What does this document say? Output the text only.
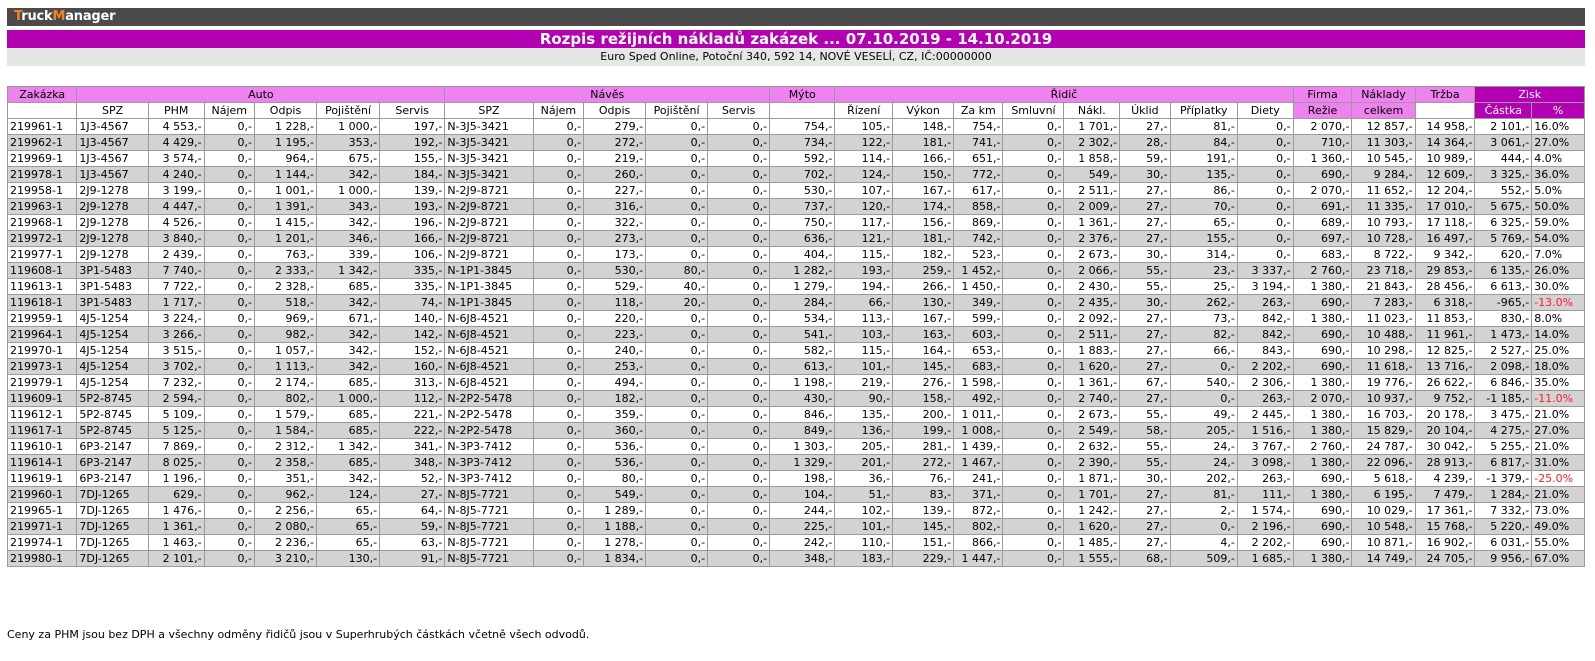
TruckManager
Rozpis režijních nákladů zakázek ... 07.10.2019 - 14.10.2019
Euro Sped Online, Potoční 340, 592 14, NOVÉ VESELÍ, CZ, IČ:00000000
Zakázka	Auto						Návěs					Mýto	Řidič								Firma	Náklady	Tržba	Zisk	
	SPZ	PHM	Nájem	Odpis	Pojištění	Servis	SPZ	Nájem	Odpis	Pojištění	Servis		Řízení	Výkon	Za km	Smluvní	Nákl.	Úklid	Příplatky	Diety	Režie	celkem		Částka	%
219961-1	1J3-4567	4 553,-	0,-	1 228,-	1 000,-	197,-	N-3J5-3421	0,-	279,-	0,-	0,-	754,-	105,-	148,-	754,-	0,-	1 701,-	27,-	81,-	0,-	2 070,-	12 857,-	14 958,-	2 101,-	16.0%
219962-1	1J3-4567	4 429,-	0,-	1 195,-	353,-	192,-	N-3J5-3421	0,-	272,-	0,-	0,-	734,-	122,-	181,-	741,-	0,-	2 302,-	28,-	84,-	0,-	710,-	11 303,-	14 364,-	3 061,-	27.0%
219969-1	1J3-4567	3 574,-	0,-	964,-	675,-	155,-	N-3J5-3421	0,-	219,-	0,-	0,-	592,-	114,-	166,-	651,-	0,-	1 858,-	59,-	191,-	0,-	1 360,-	10 545,-	10 989,-	444,-	4.0%
219978-1	1J3-4567	4 240,-	0,-	1 144,-	342,-	184,-	N-3J5-3421	0,-	260,-	0,-	0,-	702,-	124,-	150,-	772,-	0,-	549,-	30,-	135,-	0,-	690,-	9 284,-	12 609,-	3 325,-	36.0%
219958-1	2J9-1278	3 199,-	0,-	1 001,-	1 000,-	139,-	N-2J9-8721	0,-	227,-	0,-	0,-	530,-	107,-	167,-	617,-	0,-	2 511,-	27,-	86,-	0,-	2 070,-	11 652,-	12 204,-	552,-	5.0%
219963-1	2J9-1278	4 447,-	0,-	1 391,-	343,-	193,-	N-2J9-8721	0,-	316,-	0,-	0,-	737,-	120,-	174,-	858,-	0,-	2 009,-	27,-	70,-	0,-	691,-	11 335,-	17 010,-	5 675,-	50.0%
219968-1	2J9-1278	4 526,-	0,-	1 415,-	342,-	196,-	N-2J9-8721	0,-	322,-	0,-	0,-	750,-	117,-	156,-	869,-	0,-	1 361,-	27,-	65,-	0,-	689,-	10 793,-	17 118,-	6 325,-	59.0%
219972-1	2J9-1278	3 840,-	0,-	1 201,-	346,-	166,-	N-2J9-8721	0,-	273,-	0,-	0,-	636,-	121,-	181,-	742,-	0,-	2 376,-	27,-	155,-	0,-	697,-	10 728,-	16 497,-	5 769,-	54.0%
219977-1	2J9-1278	2 439,-	0,-	763,-	339,-	106,-	N-2J9-8721	0,-	173,-	0,-	0,-	404,-	115,-	182,-	523,-	0,-	2 673,-	30,-	314,-	0,-	683,-	8 722,-	9 342,-	620,-	7.0%
119608-1	3P1-5483	7 740,-	0,-	2 333,-	1 342,-	335,-	N-1P1-3845	0,-	530,-	80,-	0,-	1 282,-	193,-	259,-	1 452,-	0,-	2 066,-	55,-	23,-	3 337,-	2 760,-	23 718,-	29 853,-	6 135,-	26.0%
119613-1	3P1-5483	7 722,-	0,-	2 328,-	685,-	335,-	N-1P1-3845	0,-	529,-	40,-	0,-	1 279,-	194,-	266,-	1 450,-	0,-	2 430,-	55,-	25,-	3 194,-	1 380,-	21 843,-	28 456,-	6 613,-	30.0%
119618-1	3P1-5483	1 717,-	0,-	518,-	342,-	74,-	N-1P1-3845	0,-	118,-	20,-	0,-	284,-	66,-	130,-	349,-	0,-	2 435,-	30,-	262,-	263,-	690,-	7 283,-	6 318,-	-965,-	-13.0%
219959-1	4J5-1254	3 224,-	0,-	969,-	671,-	140,-	N-6J8-4521	0,-	220,-	0,-	0,-	534,-	113,-	167,-	599,-	0,-	2 092,-	27,-	73,-	842,-	1 380,-	11 023,-	11 853,-	830,-	8.0%
219964-1	4J5-1254	3 266,-	0,-	982,-	342,-	142,-	N-6J8-4521	0,-	223,-	0,-	0,-	541,-	103,-	163,-	603,-	0,-	2 511,-	27,-	82,-	842,-	690,-	10 488,-	11 961,-	1 473,-	14.0%
219970-1	4J5-1254	3 515,-	0,-	1 057,-	342,-	152,-	N-6J8-4521	0,-	240,-	0,-	0,-	582,-	115,-	164,-	653,-	0,-	1 883,-	27,-	66,-	843,-	690,-	10 298,-	12 825,-	2 527,-	25.0%
219973-1	4J5-1254	3 702,-	0,-	1 113,-	342,-	160,-	N-6J8-4521	0,-	253,-	0,-	0,-	613,-	101,-	145,-	683,-	0,-	1 620,-	27,-	0,-	2 202,-	690,-	11 618,-	13 716,-	2 098,-	18.0%
219979-1	4J5-1254	7 232,-	0,-	2 174,-	685,-	313,-	N-6J8-4521	0,-	494,-	0,-	0,-	1 198,-	219,-	276,-	1 598,-	0,-	1 361,-	67,-	540,-	2 306,-	1 380,-	19 776,-	26 622,-	6 846,-	35.0%
119609-1	5P2-8745	2 594,-	0,-	802,-	1 000,-	112,-	N-2P2-5478	0,-	182,-	0,-	0,-	430,-	90,-	158,-	492,-	0,-	2 740,-	27,-	0,-	263,-	2 070,-	10 937,-	9 752,-	-1 185,-	-11.0%
119612-1	5P2-8745	5 109,-	0,-	1 579,-	685,-	221,-	N-2P2-5478	0,-	359,-	0,-	0,-	846,-	135,-	200,-	1 011,-	0,-	2 673,-	55,-	49,-	2 445,-	1 380,-	16 703,-	20 178,-	3 475,-	21.0%
119617-1	5P2-8745	5 125,-	0,-	1 584,-	685,-	222,-	N-2P2-5478	0,-	360,-	0,-	0,-	849,-	136,-	199,-	1 008,-	0,-	2 549,-	58,-	205,-	1 516,-	1 380,-	15 829,-	20 104,-	4 275,-	27.0%
119610-1	6P3-2147	7 869,-	0,-	2 312,-	1 342,-	341,-	N-3P3-7412	0,-	536,-	0,-	0,-	1 303,-	205,-	281,-	1 439,-	0,-	2 632,-	55,-	24,-	3 767,-	2 760,-	24 787,-	30 042,-	5 255,-	21.0%
119614-1	6P3-2147	8 025,-	0,-	2 358,-	685,-	348,-	N-3P3-7412	0,-	536,-	0,-	0,-	1 329,-	201,-	272,-	1 467,-	0,-	2 390,-	55,-	24,-	3 098,-	1 380,-	22 096,-	28 913,-	6 817,-	31.0%
119619-1	6P3-2147	1 196,-	0,-	351,-	342,-	52,-	N-3P3-7412	0,-	80,-	0,-	0,-	198,-	36,-	76,-	241,-	0,-	1 871,-	30,-	202,-	263,-	690,-	5 618,-	4 239,-	-1 379,-	-25.0%
219960-1	7DJ-1265	629,-	0,-	962,-	124,-	27,-	N-8J5-7721	0,-	549,-	0,-	0,-	104,-	51,-	83,-	371,-	0,-	1 701,-	27,-	81,-	111,-	1 380,-	6 195,-	7 479,-	1 284,-	21.0%
219965-1	7DJ-1265	1 476,-	0,-	2 256,-	65,-	64,-	N-8J5-7721	0,-	1 289,-	0,-	0,-	244,-	102,-	139,-	872,-	0,-	1 242,-	27,-	2,-	1 574,-	690,-	10 029,-	17 361,-	7 332,-	73.0%
219971-1	7DJ-1265	1 361,-	0,-	2 080,-	65,-	59,-	N-8J5-7721	0,-	1 188,-	0,-	0,-	225,-	101,-	145,-	802,-	0,-	1 620,-	27,-	0,-	2 196,-	690,-	10 548,-	15 768,-	5 220,-	49.0%
219974-1	7DJ-1265	1 463,-	0,-	2 236,-	65,-	63,-	N-8J5-7721	0,-	1 278,-	0,-	0,-	242,-	110,-	151,-	866,-	0,-	1 485,-	27,-	4,-	2 202,-	690,-	10 871,-	16 902,-	6 031,-	55.0%
219980-1	7DJ-1265	2 101,-	0,-	3 210,-	130,-	91,-	N-8J5-7721	0,-	1 834,-	0,-	0,-	348,-	183,-	229,-	1 447,-	0,-	1 555,-	68,-	509,-	1 685,-	1 380,-	14 749,-	24 705,-	9 956,-	67.0%
Ceny za PHM jsou bez DPH a všechny odměny řidičů jsou v Superhrubých částkách včetně všech odvodů.
